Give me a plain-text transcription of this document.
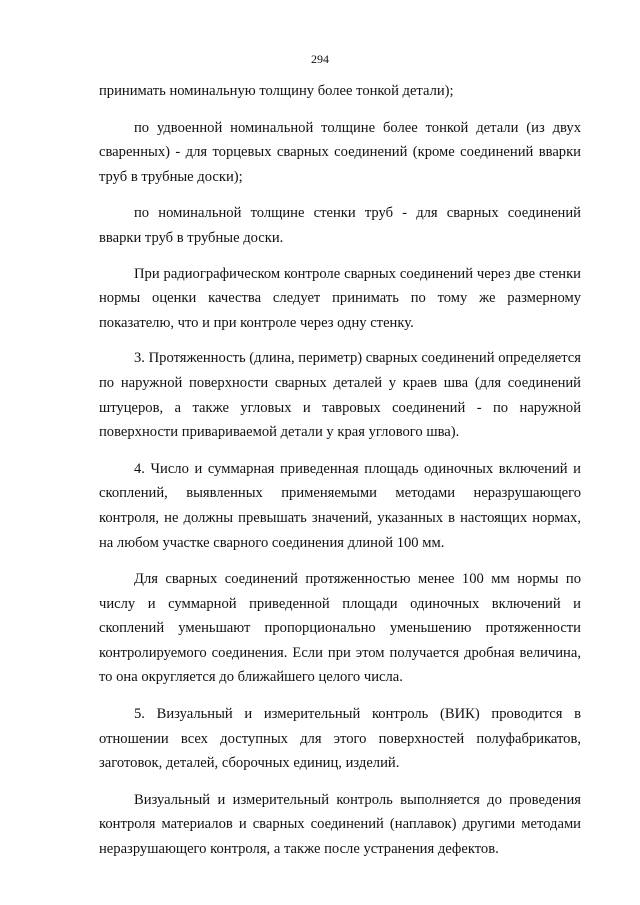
294

принимать номинальную толщину более тонкой детали);

по удвоенной номинальной толщине более тонкой детали (из двух сваренных) - для торцевых сварных соединений (кроме соединений вварки труб в трубные доски);

по номинальной толщине стенки труб - для сварных соединений вварки труб в трубные доски.

При радиографическом контроле сварных соединений через две стенки нормы оценки качества следует принимать по тому же размерному показателю, что и при контроле через одну стенку.

3. Протяженность (длина, периметр) сварных соединений определяется по наружной поверхности сварных деталей у краев шва (для соединений штуцеров, а также угловых и тавровых соединений - по наружной поверхности привариваемой детали у края углового шва).

4. Число и суммарная приведенная площадь одиночных включений и скоплений, выявленных применяемыми методами неразрушающего контроля, не должны превышать значений, указанных в настоящих нормах, на любом участке сварного соединения длиной 100 мм.

Для сварных соединений протяженностью менее 100 мм нормы по числу и суммарной приведенной площади одиночных включений и скоплений уменьшают пропорционально уменьшению протяженности контролируемого соединения. Если при этом получается дробная величина, то она округляется до ближайшего целого числа.

5. Визуальный и измерительный контроль (ВИК) проводится в отношении всех доступных для этого поверхностей полуфабрикатов, заготовок, деталей, сборочных единиц, изделий.

Визуальный и измерительный контроль выполняется до проведения контроля материалов и сварных соединений (наплавок) другими методами неразрушающего контроля, а также после устранения дефектов.
